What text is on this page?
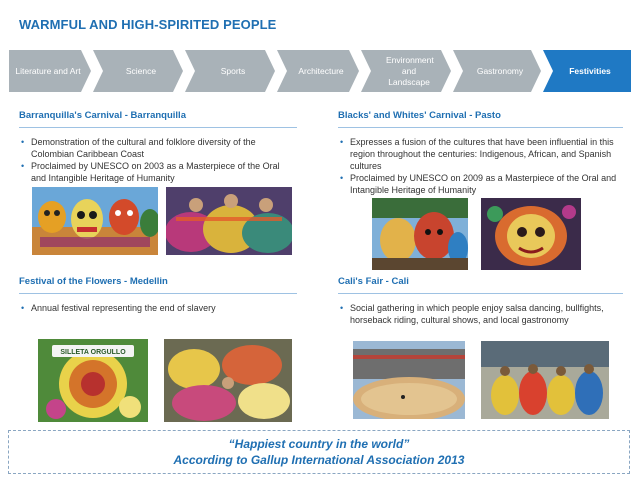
WARMFUL AND HIGH-SPIRITED PEOPLE
Literature and Art	Science	Sports	Architecture
Environment and Landscape
Gastronomy	Festivities
Barranquilla's Carnival - Barranquilla
• Demonstration of the cultural and folklore diversity of the Colombian Caribbean Coast
• Proclaimed by UNESCO on 2003 as a Masterpiece of the Oral and Intangible Heritage of Humanity
Blacks' and Whites' Carnival - Pasto
• Expresses a fusion of the cultures that have been influential in this region throughout the centuries: Indigenous, African, and Spanish cultures
• Proclaimed by UNESCO on 2009 as a Masterpiece of the Oral and Intangible Heritage of Humanity
Festival of the Flowers - Medellin
• Annual festival representing the end of slavery
Cali's Fair - Cali
• Social gathering in which people enjoy salsa dancing, bullfights, horseback riding, cultural shows, and local gastronomy
SILLETA ORGULLO
“Happiest country in the world”
According to Gallup International Association 2013
